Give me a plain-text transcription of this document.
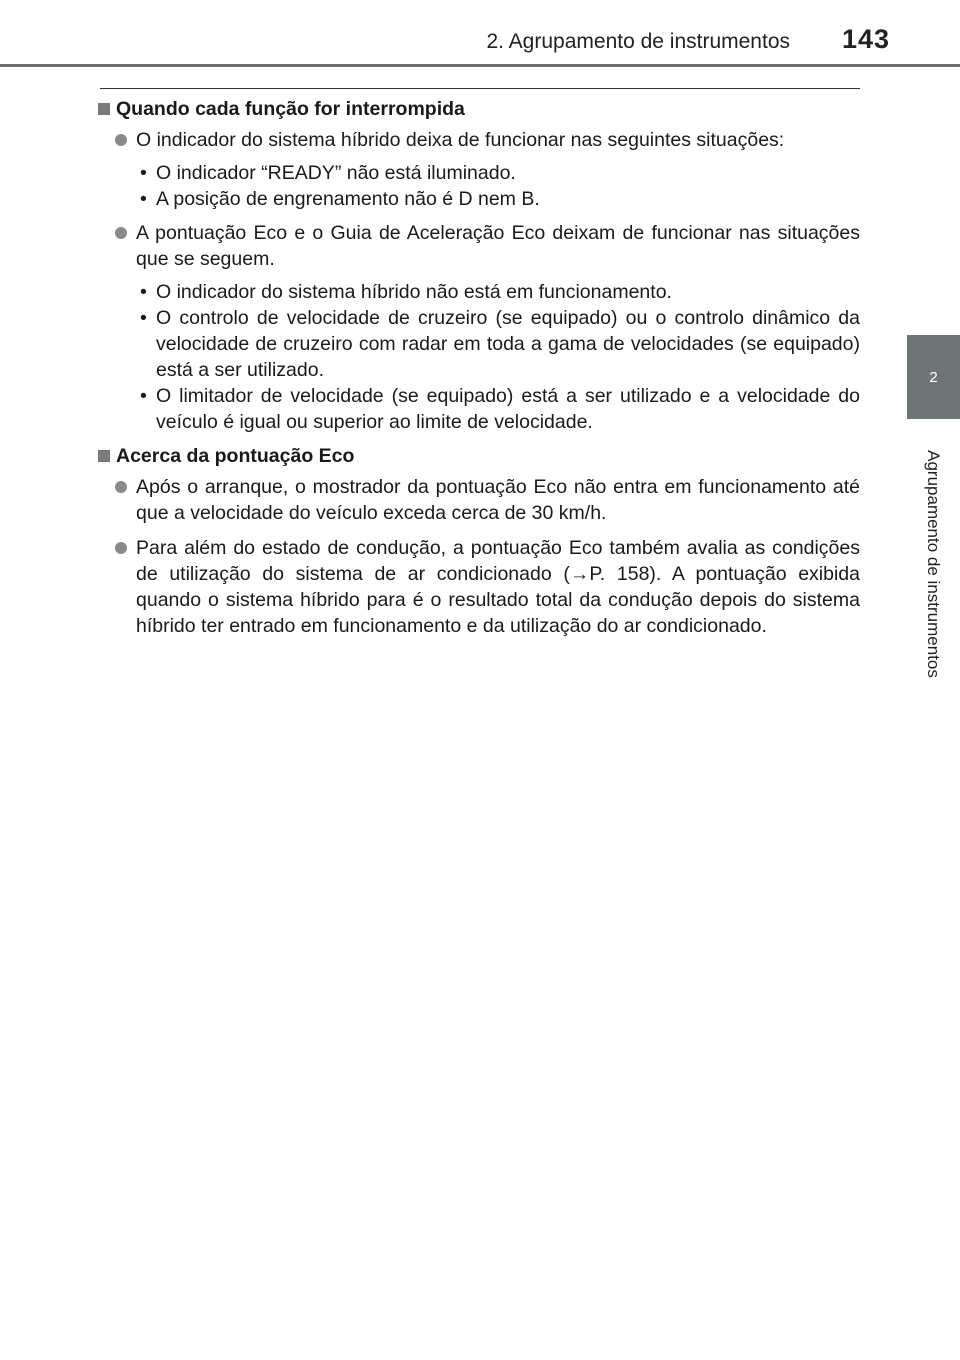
2. Agrupamento de instrumentos 143
2
Agrupamento de instrumentos
Quando cada função for interrompida
O indicador do sistema híbrido deixa de funcionar nas seguintes situações:
• O indicador “READY” não está iluminado.
• A posição de engrenamento não é D nem B.
A pontuação Eco e o Guia de Aceleração Eco deixam de funcionar nas situações que se seguem.
• O indicador do sistema híbrido não está em funcionamento.
• O controlo de velocidade de cruzeiro (se equipado) ou o controlo dinâmico da velocidade de cruzeiro com radar em toda a gama de velocidades (se equipado) está a ser utilizado.
• O limitador de velocidade (se equipado) está a ser utilizado e a velocidade do veículo é igual ou superior ao limite de velocidade.
Acerca da pontuação Eco
Após o arranque, o mostrador da pontuação Eco não entra em funcionamento até que a velocidade do veículo exceda cerca de 30 km/h.
Para além do estado de condução, a pontuação Eco também avalia as condições de utilização do sistema de ar condicionado (→P. 158). A pontuação exibida quando o sistema híbrido para é o resultado total da condução depois do sistema híbrido ter entrado em funcionamento e da utilização do ar condicionado.
